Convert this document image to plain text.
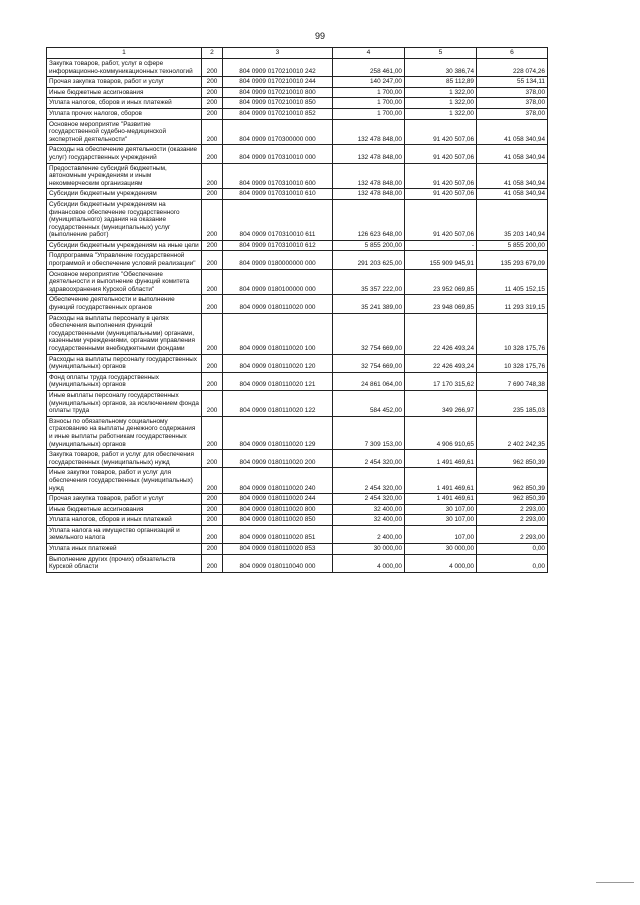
99
1	2	3	4	5	6
Закупка товаров, работ, услуг в сфере информационно-коммуникационных технологий	200	804 0909 0170210010 242	258 461,00	30 386,74	228 074,26
Прочая закупка товаров, работ и услуг	200	804 0909 0170210010 244	140 247,00	85 112,89	55 134,11
Иные бюджетные ассигнования	200	804 0909 0170210010 800	1 700,00	1 322,00	378,00
Уплата налогов, сборов и иных платежей	200	804 0909 0170210010 850	1 700,00	1 322,00	378,00
Уплата прочих налогов, сборов	200	804 0909 0170210010 852	1 700,00	1 322,00	378,00
Основное мероприятие "Развитие государственной судебно-медицинской экспертной деятельности"	200	804 0909 0170300000 000	132 478 848,00	91 420 507,06	41 058 340,94
Расходы на обеспечение деятельности (оказание услуг) государственных учреждений	200	804 0909 0170310010 000	132 478 848,00	91 420 507,06	41 058 340,94
Предоставление субсидий бюджетным, автономным учреждениям и иным некоммерческим организациям	200	804 0909 0170310010 600	132 478 848,00	91 420 507,06	41 058 340,94
Субсидии бюджетным учреждениям	200	804 0909 0170310010 610	132 478 848,00	91 420 507,06	41 058 340,94
Субсидии бюджетным учреждениям на финансовое обеспечение государственного (муниципального) задания на оказание государственных (муниципальных) услуг (выполнение работ)	200	804 0909 0170310010 611	126 623 648,00	91 420 507,06	35 203 140,94
Субсидии бюджетным учреждениям на иные цели	200	804 0909 0170310010 612	5 855 200,00	-	5 855 200,00
Подпрограмма "Управление государственной программой и обеспечение условий реализации"	200	804 0909 0180000000 000	291 203 625,00	155 909 945,91	135 293 679,09
Основное мероприятие "Обеспечение деятельности и выполнение функций комитета здравоохранения Курской области"	200	804 0909 0180100000 000	35 357 222,00	23 952 069,85	11 405 152,15
Обеспечение деятельности и выполнение функций государственных органов	200	804 0909 0180110020 000	35 241 389,00	23 948 069,85	11 293 319,15
Расходы на выплаты персоналу в целях обеспечения выполнения функций государственными (муниципальными) органами, казенными учреждениями, органами управления государственными внебюджетными фондами	200	804 0909 0180110020 100	32 754 669,00	22 426 493,24	10 328 175,76
Расходы на выплаты персоналу государственных (муниципальных) органов	200	804 0909 0180110020 120	32 754 669,00	22 426 493,24	10 328 175,76
Фонд оплаты труда государственных (муниципальных) органов	200	804 0909 0180110020 121	24 861 064,00	17 170 315,62	7 690 748,38
Иные выплаты персоналу государственных (муниципальных) органов, за исключением фонда оплаты труда	200	804 0909 0180110020 122	584 452,00	349 266,97	235 185,03
Взносы по обязательному социальному страхованию на выплаты денежного содержания и иные выплаты работникам государственных (муниципальных) органов	200	804 0909 0180110020 129	7 309 153,00	4 906 910,65	2 402 242,35
Закупка товаров, работ и услуг для обеспечения государственных (муниципальных) нужд	200	804 0909 0180110020 200	2 454 320,00	1 491 469,61	962 850,39
Иные закупки товаров, работ и услуг для обеспечения государственных (муниципальных) нужд	200	804 0909 0180110020 240	2 454 320,00	1 491 469,61	962 850,39
Прочая закупка товаров, работ и услуг	200	804 0909 0180110020 244	2 454 320,00	1 491 469,61	962 850,39
Иные бюджетные ассигнования	200	804 0909 0180110020 800	32 400,00	30 107,00	2 293,00
Уплата налогов, сборов и иных платежей	200	804 0909 0180110020 850	32 400,00	30 107,00	2 293,00
Уплата налога на имущество организаций и земельного налога	200	804 0909 0180110020 851	2 400,00	107,00	2 293,00
Уплата иных платежей	200	804 0909 0180110020 853	30 000,00	30 000,00	0,00
Выполнение других (прочих) обязательств Курской области	200	804 0909 0180110040 000	4 000,00	4 000,00	0,00
